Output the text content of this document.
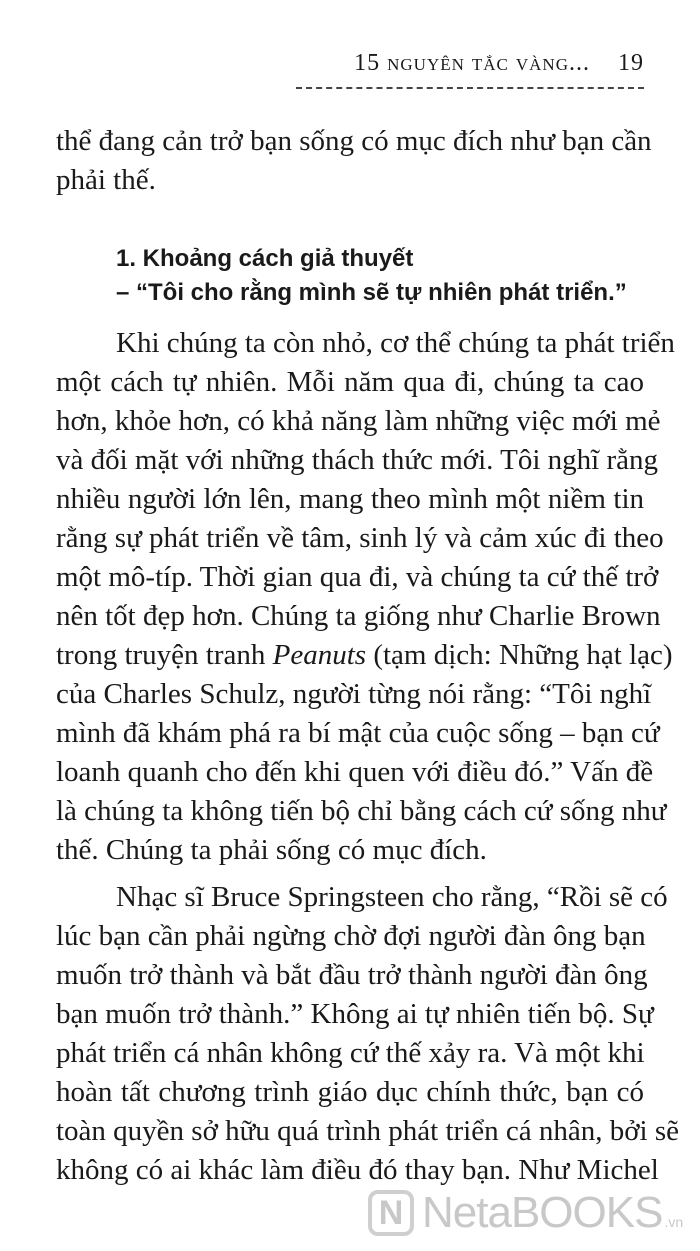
15 nguyên tắc vàng... 19

thể đang cản trở bạn sống có mục đích như bạn cần

phải thế.

1. Khoảng cách giả thuyết
– “Tôi cho rằng mình sẽ tự nhiên phát triển.”

Khi chúng ta còn nhỏ, cơ thể chúng ta phát triển

một cách tự nhiên. Mỗi năm qua đi, chúng ta cao

hơn, khỏe hơn, có khả năng làm những việc mới mẻ

và đối mặt với những thách thức mới. Tôi nghĩ rằng

nhiều người lớn lên, mang theo mình một niềm tin

rằng sự phát triển về tâm, sinh lý và cảm xúc đi theo

một mô-típ. Thời gian qua đi, và chúng ta cứ thế trở

nên tốt đẹp hơn. Chúng ta giống như Charlie Brown

trong truyện tranh Peanuts (tạm dịch: Những hạt lạc)

của Charles Schulz, người từng nói rằng: “Tôi nghĩ

mình đã khám phá ra bí mật của cuộc sống – bạn cứ

loanh quanh cho đến khi quen với điều đó.” Vấn đề

là chúng ta không tiến bộ chỉ bằng cách cứ sống như

thế. Chúng ta phải sống có mục đích.

Nhạc sĩ Bruce Springsteen cho rằng, “Rồi sẽ có

lúc bạn cần phải ngừng chờ đợi người đàn ông bạn

muốn trở thành và bắt đầu trở thành người đàn ông

bạn muốn trở thành.” Không ai tự nhiên tiến bộ. Sự

phát triển cá nhân không cứ thế xảy ra. Và một khi

hoàn tất chương trình giáo dục chính thức, bạn có

toàn quyền sở hữu quá trình phát triển cá nhân, bởi sẽ

không có ai khác làm điều đó thay bạn. Như Michel

N NetaBOOKS .vn
